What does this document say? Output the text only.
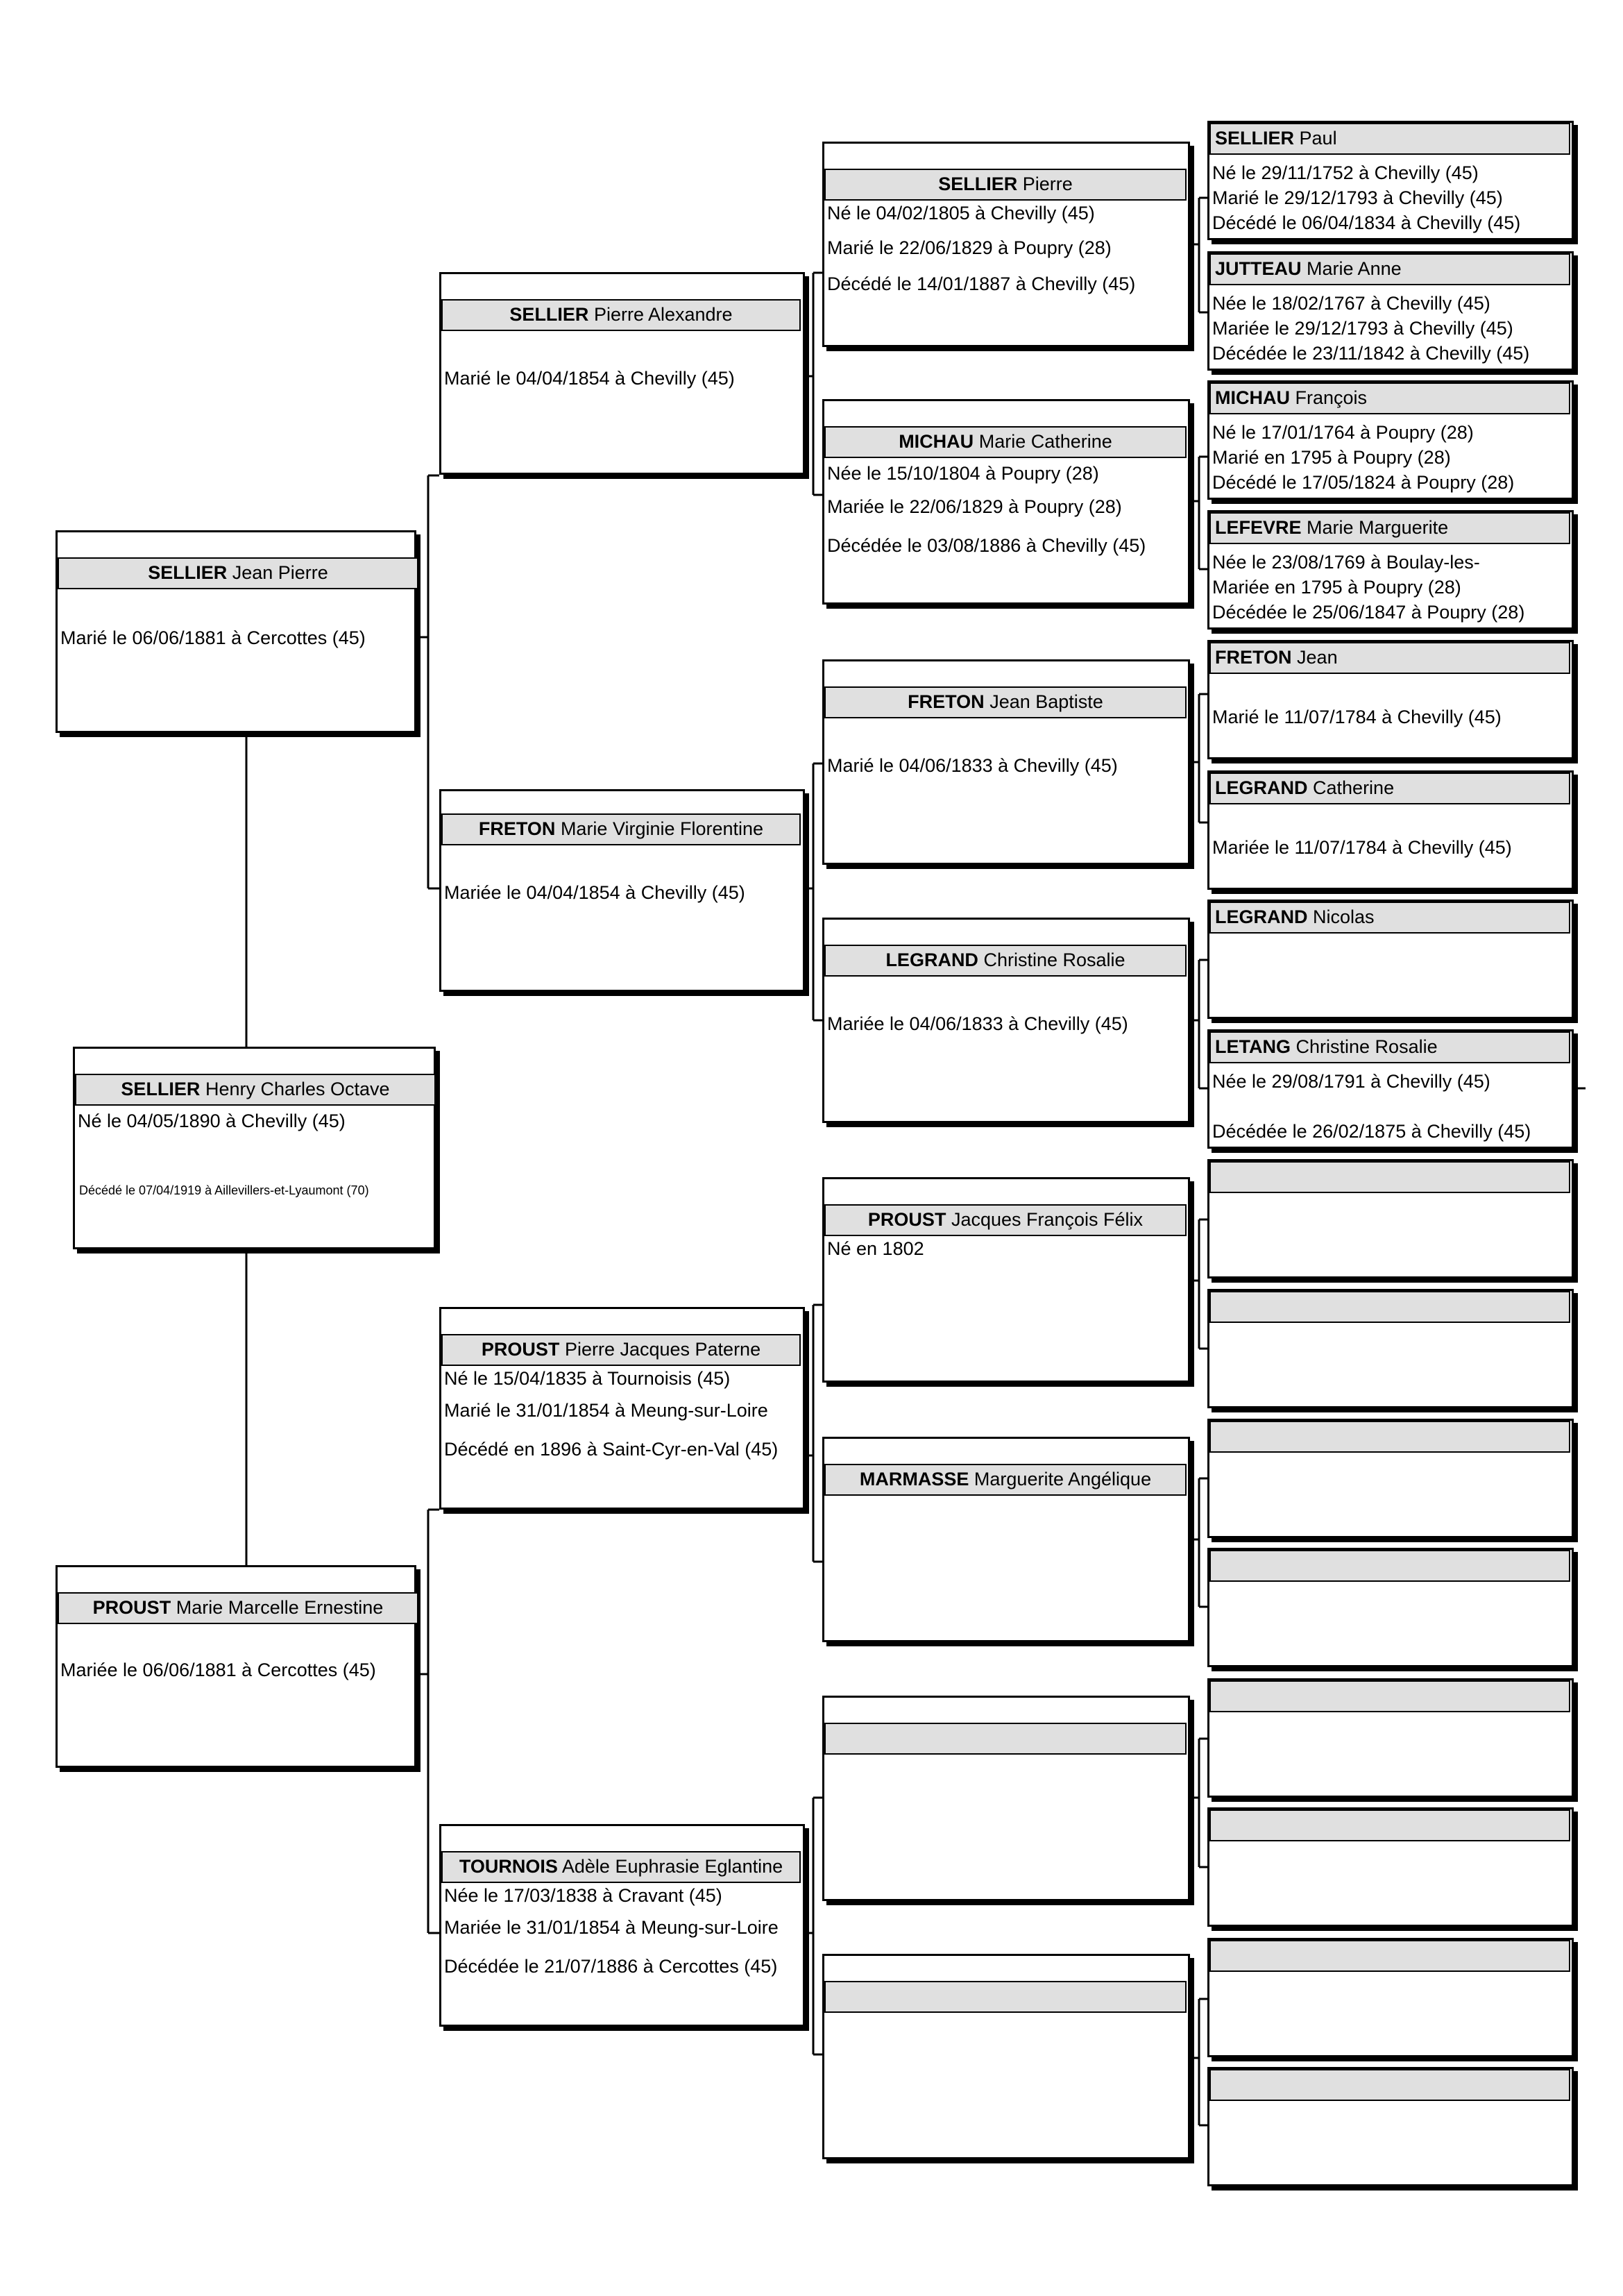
SELLIER Jean Pierre
Marié le 06/06/1881 à Cercottes (45)
PROUST Marie Marcelle Ernestine
Mariée le 06/06/1881 à Cercottes (45)
SELLIER Henry Charles Octave
Né le 04/05/1890 à Chevilly (45)
Décédé le 07/04/1919 à Aillevillers-et-Lyaumont (70)
SELLIER Pierre Alexandre
Marié le 04/04/1854 à Chevilly (45)
FRETON Marie Virginie Florentine
Mariée le 04/04/1854 à Chevilly (45)
PROUST Pierre Jacques Paterne
Né le 15/04/1835 à Tournoisis (45)
Marié le 31/01/1854 à Meung-sur-Loire
Décédé en 1896 à Saint-Cyr-en-Val (45)
TOURNOIS Adèle Euphrasie Eglantine
Née le 17/03/1838 à Cravant (45)
Mariée le 31/01/1854 à Meung-sur-Loire
Décédée le 21/07/1886 à Cercottes (45)
SELLIER Pierre
Né le 04/02/1805 à Chevilly (45)
Marié le 22/06/1829 à Poupry (28)
Décédé le 14/01/1887 à Chevilly (45)
MICHAU Marie Catherine
Née le 15/10/1804 à Poupry (28)
Mariée le 22/06/1829 à Poupry (28)
Décédée le 03/08/1886 à Chevilly (45)
FRETON Jean Baptiste
Marié le 04/06/1833 à Chevilly (45)
LEGRAND Christine Rosalie
Mariée le 04/06/1833 à Chevilly (45)
PROUST Jacques François Félix
Né en 1802
MARMASSE Marguerite Angélique
SELLIER Paul
Né le 29/11/1752 à Chevilly (45)
Marié le 29/12/1793 à Chevilly (45)
Décédé le 06/04/1834 à Chevilly (45)
JUTTEAU Marie Anne
Née le 18/02/1767 à Chevilly (45)
Mariée le 29/12/1793 à Chevilly (45)
Décédée le 23/11/1842 à Chevilly (45)
MICHAU François
Né le 17/01/1764 à Poupry (28)
Marié en 1795 à Poupry (28)
Décédé le 17/05/1824 à Poupry (28)
LEFEVRE Marie Marguerite
Née le 23/08/1769 à Boulay-les-
Mariée en 1795 à Poupry (28)
Décédée le 25/06/1847 à Poupry (28)
FRETON Jean
Marié le 11/07/1784 à Chevilly (45)
LEGRAND Catherine
Mariée le 11/07/1784 à Chevilly (45)
LEGRAND Nicolas
LETANG Christine Rosalie
Née le 29/08/1791 à Chevilly (45)
Décédée le 26/02/1875 à Chevilly (45)
